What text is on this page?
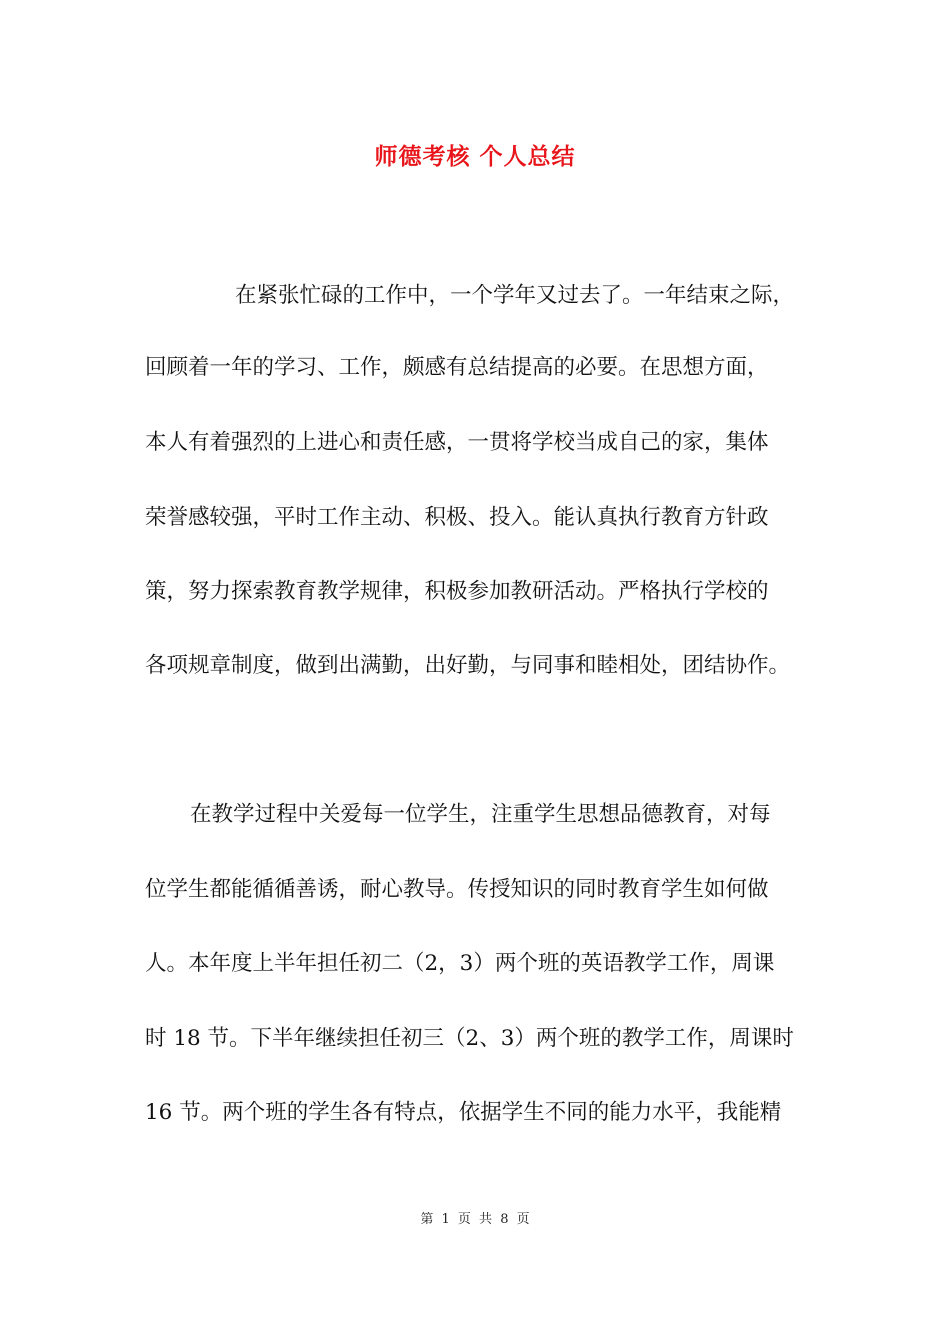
师德考核 个人总结
在紧张忙碌的工作中，一个学年又过去了。一年结束之际，
回顾着一年的学习、工作，颇感有总结提高的必要。在思想方面，
本人有着强烈的上进心和责任感，一贯将学校当成自己的家，集体
荣誉感较强，平时工作主动、积极、投入。能认真执行教育方针政
策，努力探索教育教学规律，积极参加教研活动。严格执行学校的
各项规章制度，做到出满勤，出好勤，与同事和睦相处，团结协作。
在教学过程中关爱每一位学生，注重学生思想品德教育，对每
位学生都能循循善诱，耐心教导。传授知识的同时教育学生如何做
人。本年度上半年担任初二（2，3）两个班的英语教学工作，周课
时 18 节。下半年继续担任初三（2、3）两个班的教学工作，周课时
16 节。两个班的学生各有特点，依据学生不同的能力水平，我能精
第 1 页 共 8 页
